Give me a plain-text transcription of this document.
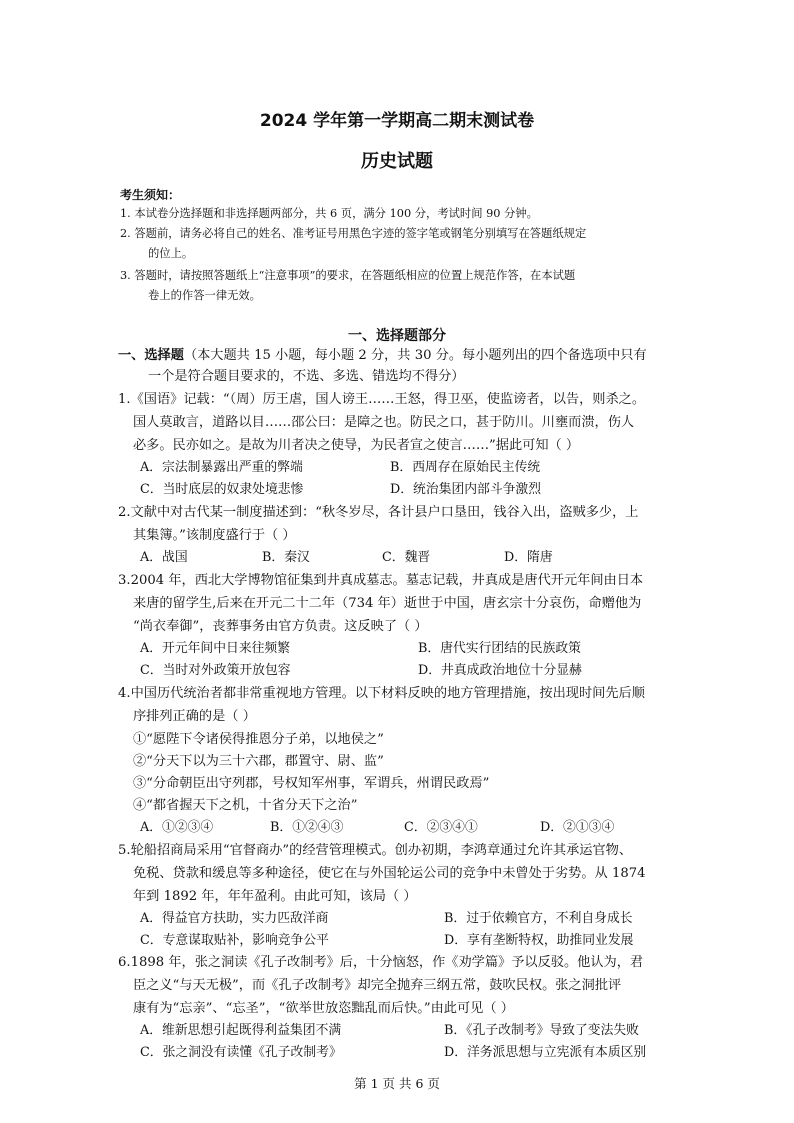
2024 学年第一学期高二期末测试卷
历史试题
考生须知：
1. 本试卷分选择题和非选择题两部分，共 6 页，满分 100 分，考试时间 90 分钟。
2. 答题前，请务必将自己的姓名、准考证号用黑色字迹的签字笔或钢笔分别填写在答题纸规定
的位上。
3. 答题时，请按照答题纸上“注意事项”的要求，在答题纸相应的位置上规范作答，在本试题
卷上的作答一律无效。
一、选择题部分
一、选择题（本大题共 15 小题，每小题 2 分，共 30 分。每小题列出的四个备选项中只有
一个是符合题目要求的，不选、多选、错选均不得分）
1.《国语》记载：“（周）厉王虐，国人谤王……王怒，得卫巫，使监谤者，以告，则杀之。
国人莫敢言，道路以目……邵公曰：是障之也。防民之口，甚于防川。川壅而溃，伤人
必多。民亦如之。是故为川者决之使导，为民者宣之使言……”据此可知（ ）
A．宗法制暴露出严重的弊端	B．西周存在原始民主传统
C．当时底层的奴隶处境悲惨	D．统治集团内部斗争激烈
2.文献中对古代某一制度描述到：“秋冬岁尽，各计县户口垦田，钱谷入出，盗贼多少，上
其集簿。”该制度盛行于（ ）
A．战国	B．秦汉	C．魏晋	D．隋唐
3.2004 年，西北大学博物馆征集到井真成墓志。墓志记载，井真成是唐代开元年间由日本
来唐的留学生,后来在开元二十二年（734 年）逝世于中国，唐玄宗十分哀伤，命赠他为
“尚衣奉御”，丧葬事务由官方负责。这反映了（ ）
A．开元年间中日来往频繁	B．唐代实行团结的民族政策
C．当时对外政策开放包容	D．井真成政治地位十分显赫
4.中国历代统治者都非常重视地方管理。以下材料反映的地方管理措施，按出现时间先后顺
序排列正确的是（ ）
①“愿陛下令诸侯得推恩分子弟，以地侯之”
②“分天下以为三十六郡，郡置守、尉、监”
③“分命朝臣出守列郡，号权知军州事，军谓兵，州谓民政焉”
④“都省握天下之机，十省分天下之治”
A．①②③④	B．①②④③	C．②③④①	D．②①③④
5.轮船招商局采用“官督商办”的经营管理模式。创办初期，李鸿章通过允许其承运官物、
免税、贷款和缓息等多种途径，使它在与外国轮运公司的竞争中未曾处于劣势。从 1874
年到 1892 年，年年盈利。由此可知，该局（ ）
A．得益官方扶助，实力匹敌洋商	B．过于依赖官方，不利自身成长
C．专意谋取贴补，影响竞争公平	D．享有垄断特权，助推同业发展
6.1898 年，张之洞读《孔子改制考》后，十分恼怒，作《劝学篇》予以反驳。他认为，君
臣之义“与天无极”，而《孔子改制考》却完全抛弃三纲五常，鼓吹民权。张之洞批评
康有为“忘亲”、“忘圣”，“欲举世放恣黜乱而后快。”由此可见（ ）
A．维新思想引起既得利益集团不满	B．《孔子改制考》导致了变法失败
C．张之洞没有读懂《孔子改制考》	D．洋务派思想与立宪派有本质区别
第 1 页 共 6 页
